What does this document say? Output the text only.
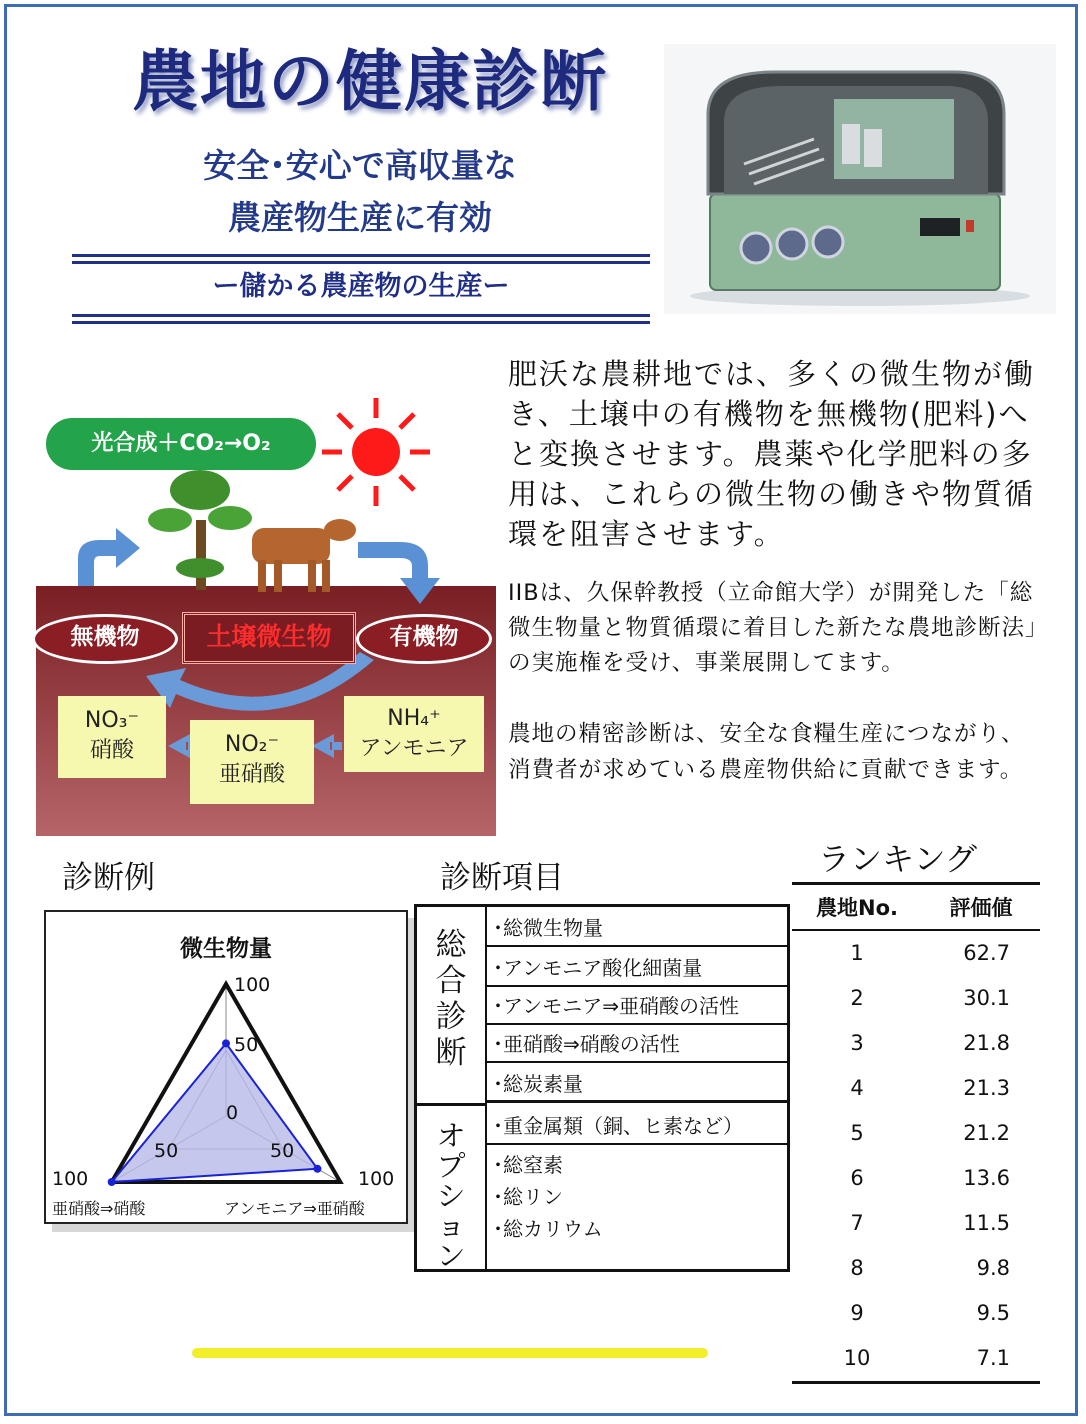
農地の健康診断
安全･安心で高収量な
農産物生産に有効
ー儲かる農産物の生産ー
肥沃な農耕地では、多くの微生物が働き、土壌中の有機物を無機物(肥料)へと変換させます。農薬や化学肥料の多用は、これらの微生物の働きや物質循環を阻害させます。
IIBは、久保幹教授（立命館大学）が開発した「総微生物量と物質循環に着目した新たな農地診断法」の実施権を受け、事業展開してます。
農地の精密診断は、安全な食糧生産につながり、消費者が求めている農産物供給に貢献できます。
光合成＋CO₂→O₂
無機物	土壌微生物	有機物
NO₃⁻
硝酸	NO₂⁻
亜硝酸
NH₄⁺
アンモニア
診断例	診断項目	ランキング
微生物量
100
50
0
50	50
100	100
亜硝酸⇒硝酸	アンモニア⇒亜硝酸
総
合
診
断
オ
プ
シ
ョ
ン
･総微生物量
･アンモニア酸化細菌量
･アンモニア⇒亜硝酸の活性
･亜硝酸⇒硝酸の活性
･総炭素量
･重金属類（銅、ヒ素など）
･総窒素
･総リン
･総カリウム
農地No.	評価値
1	62.7
2	30.1
3	21.8
4	21.3
5	21.2
6	13.6
7	11.5
8	9.8
9	9.5
10	7.1
